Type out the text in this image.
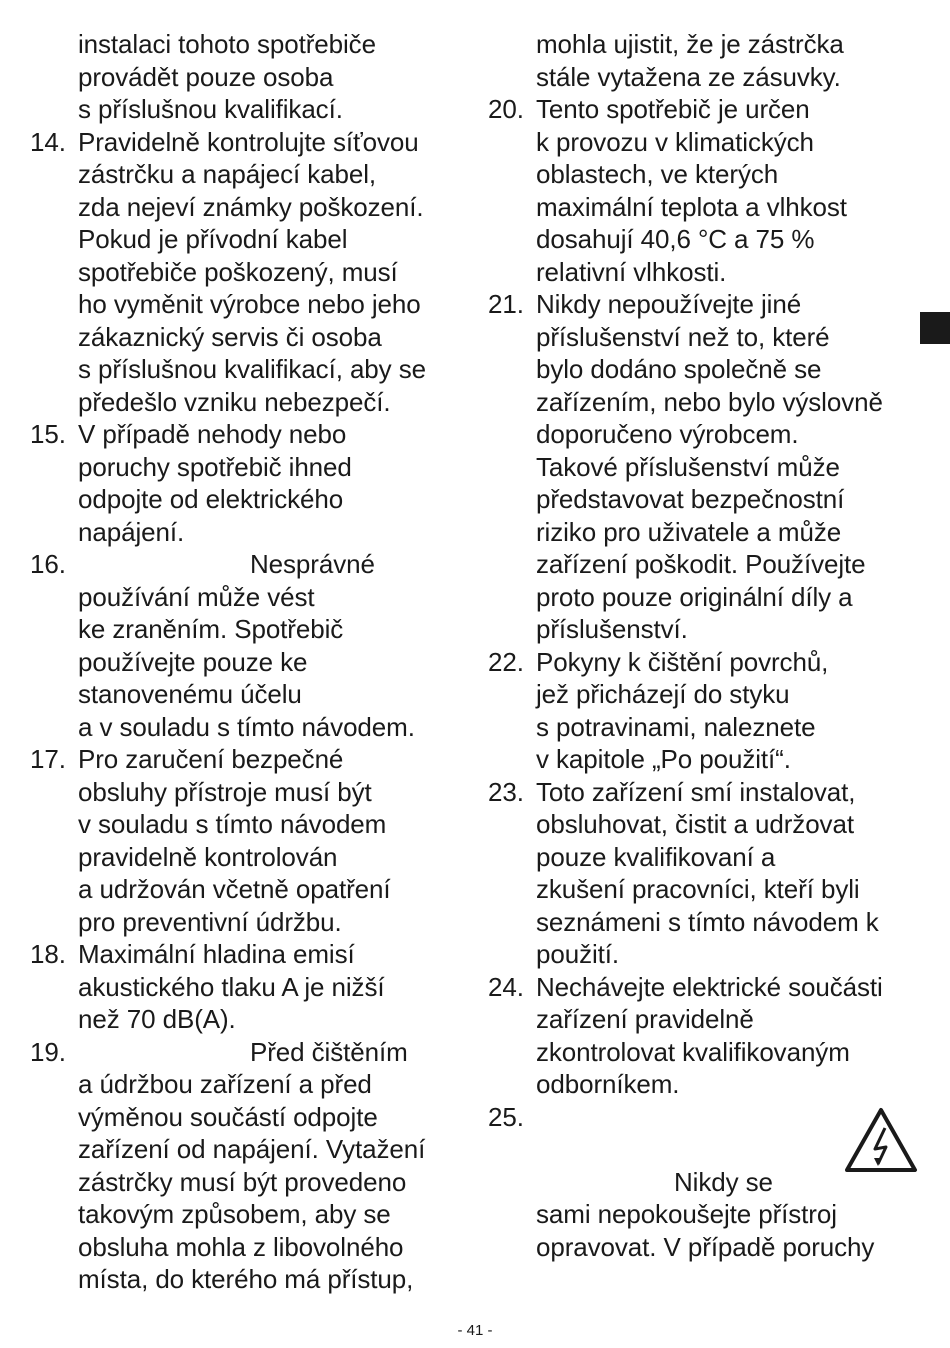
instalaci tohoto spotřebiče
provádět pouze osoba
s příslušnou kvalifikací.
14. Pravidelně kontrolujte síťovou
zástrčku a napájecí kabel,
zda nejeví známky poškození.
Pokud je přívodní kabel
spotřebiče poškozený, musí
ho vyměnit výrobce nebo jeho
zákaznický servis či osoba
s příslušnou kvalifikací, aby se
předešlo vzniku nebezpečí.
15. V případě nehody nebo
poruchy spotřebič ihned
odpojte od elektrického
napájení.
16.	Nesprávné
používání může vést
ke zraněním. Spotřebič
používejte pouze ke
stanovenému účelu
a v souladu s tímto návodem.
17. Pro zaručení bezpečné
obsluhy přístroje musí být
v souladu s tímto návodem
pravidelně kontrolován
a udržován včetně opatření
pro preventivní údržbu.
18. Maximální hladina emisí
akustického tlaku A je nižší
než 70 dB(A).
19.	Před čištěním
a údržbou zařízení a před
výměnou součástí odpojte
zařízení od napájení. Vytažení
zástrčky musí být provedeno
takovým způsobem, aby se
obsluha mohla z libovolného
místa, do kterého má přístup,
mohla ujistit, že je zástrčka
stále vytažena ze zásuvky.
20. Tento spotřebič je určen
k provozu v klimatických
oblastech, ve kterých
maximální teplota a vlhkost
dosahují 40,6 °C a 75 %
relativní vlhkosti.
21. Nikdy nepoužívejte jiné
příslušenství než to, které
bylo dodáno společně se
zařízením, nebo bylo výslovně
doporučeno výrobcem.
Takové příslušenství může
představovat bezpečnostní
riziko pro uživatele a může
zařízení poškodit. Používejte
proto pouze originální díly a
příslušenství.
22. Pokyny k čištění povrchů,
jež přicházejí do styku
s potravinami, naleznete
v kapitole „Po použití“.
23. Toto zařízení smí instalovat,
obsluhovat, čistit a udržovat
pouze kvalifikovaní a
zkušení pracovníci, kteří byli
seznámeni s tímto návodem k
použití.
24. Nechávejte elektrické součásti
zařízení pravidelně
zkontrolovat kvalifikovaným
odborníkem.
25.
Nikdy se
sami nepokoušejte přístroj
opravovat. V případě poruchy
- 41 -
